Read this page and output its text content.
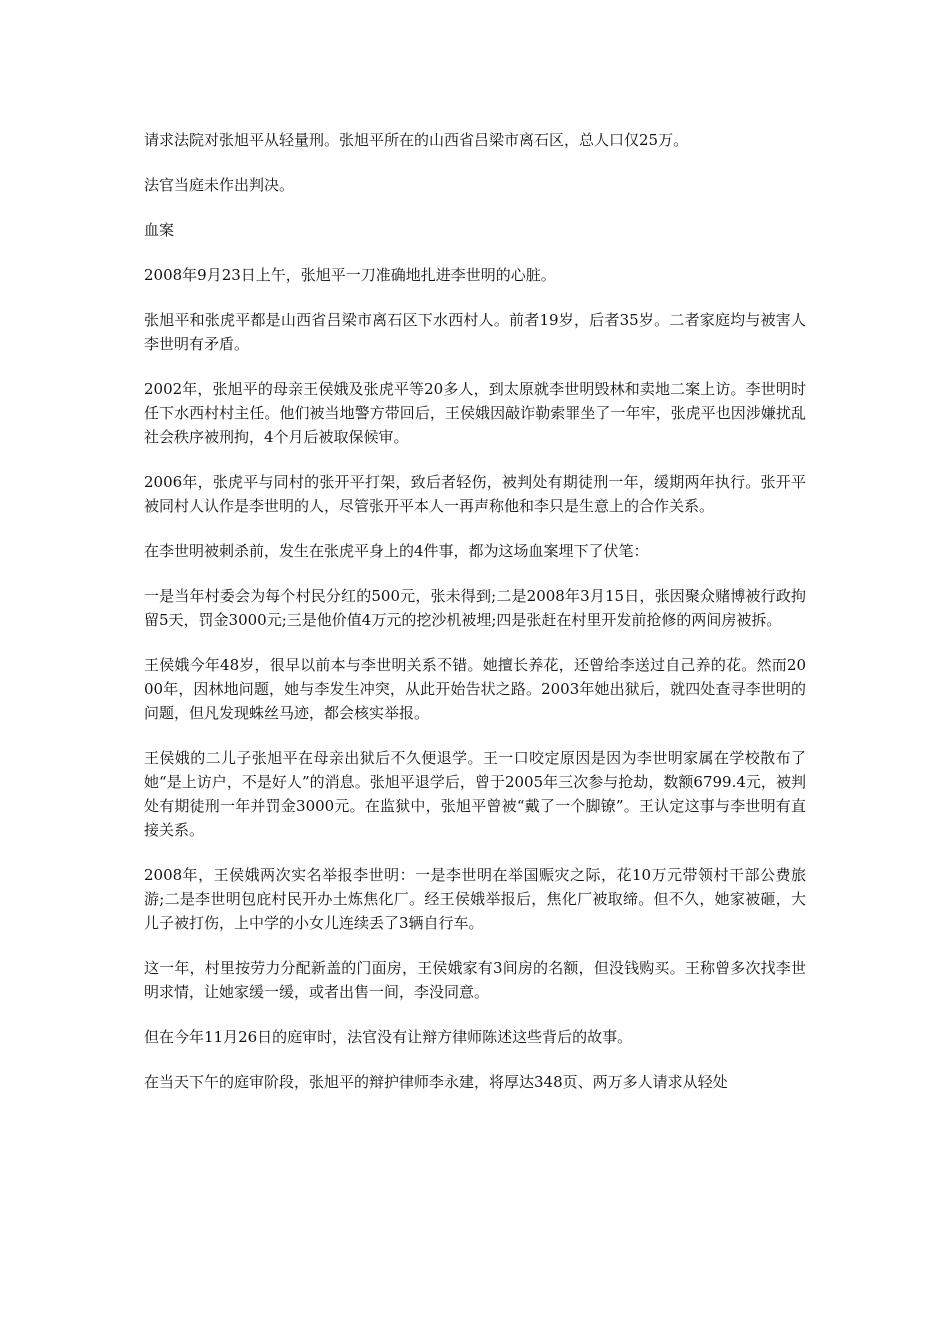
请求法院对张旭平从轻量刑。张旭平所在的山西省吕梁市离石区，总人口仅25万。

法官当庭未作出判决。

血案

2008年9月23日上午，张旭平一刀准确地扎进李世明的心脏。

张旭平和张虎平都是山西省吕梁市离石区下水西村人。前者19岁，后者35岁。二者家庭均与被害人李世明有矛盾。

2002年，张旭平的母亲王侯娥及张虎平等20多人，到太原就李世明毁林和卖地二案上访。李世明时任下水西村村主任。他们被当地警方带回后，王侯娥因敲诈勒索罪坐了一年牢，张虎平也因涉嫌扰乱社会秩序被刑拘，4个月后被取保候审。

2006年，张虎平与同村的张开平打架，致后者轻伤，被判处有期徒刑一年，缓期两年执行。张开平被同村人认作是李世明的人，尽管张开平本人一再声称他和李只是生意上的合作关系。

在李世明被刺杀前，发生在张虎平身上的4件事，都为这场血案埋下了伏笔：

一是当年村委会为每个村民分红的500元，张未得到;二是2008年3月15日，张因聚众赌博被行政拘留5天，罚金3000元;三是他价值4万元的挖沙机被埋;四是张赶在村里开发前抢修的两间房被拆。

王侯娥今年48岁，很早以前本与李世明关系不错。她擅长养花，还曾给李送过自己养的花。然而2000年，因林地问题，她与李发生冲突，从此开始告状之路。2003年她出狱后，就四处查寻李世明的问题，但凡发现蛛丝马迹，都会核实举报。

王侯娥的二儿子张旭平在母亲出狱后不久便退学。王一口咬定原因是因为李世明家属在学校散布了她“是上访户，不是好人”的消息。张旭平退学后，曾于2005年三次参与抢劫，数额6799.4元，被判处有期徒刑一年并罚金3000元。在监狱中，张旭平曾被“戴了一个脚镣”。王认定这事与李世明有直接关系。

2008年，王侯娥两次实名举报李世明：一是李世明在举国赈灾之际，花10万元带领村干部公费旅游;二是李世明包庇村民开办土炼焦化厂。经王侯娥举报后，焦化厂被取缔。但不久，她家被砸，大儿子被打伤，上中学的小女儿连续丢了3辆自行车。

这一年，村里按劳力分配新盖的门面房，王侯娥家有3间房的名额，但没钱购买。王称曾多次找李世明求情，让她家缓一缓，或者出售一间，李没同意。

但在今年11月26日的庭审时，法官没有让辩方律师陈述这些背后的故事。

在当天下午的庭审阶段，张旭平的辩护律师李永建，将厚达348页、两万多人请求从轻处
